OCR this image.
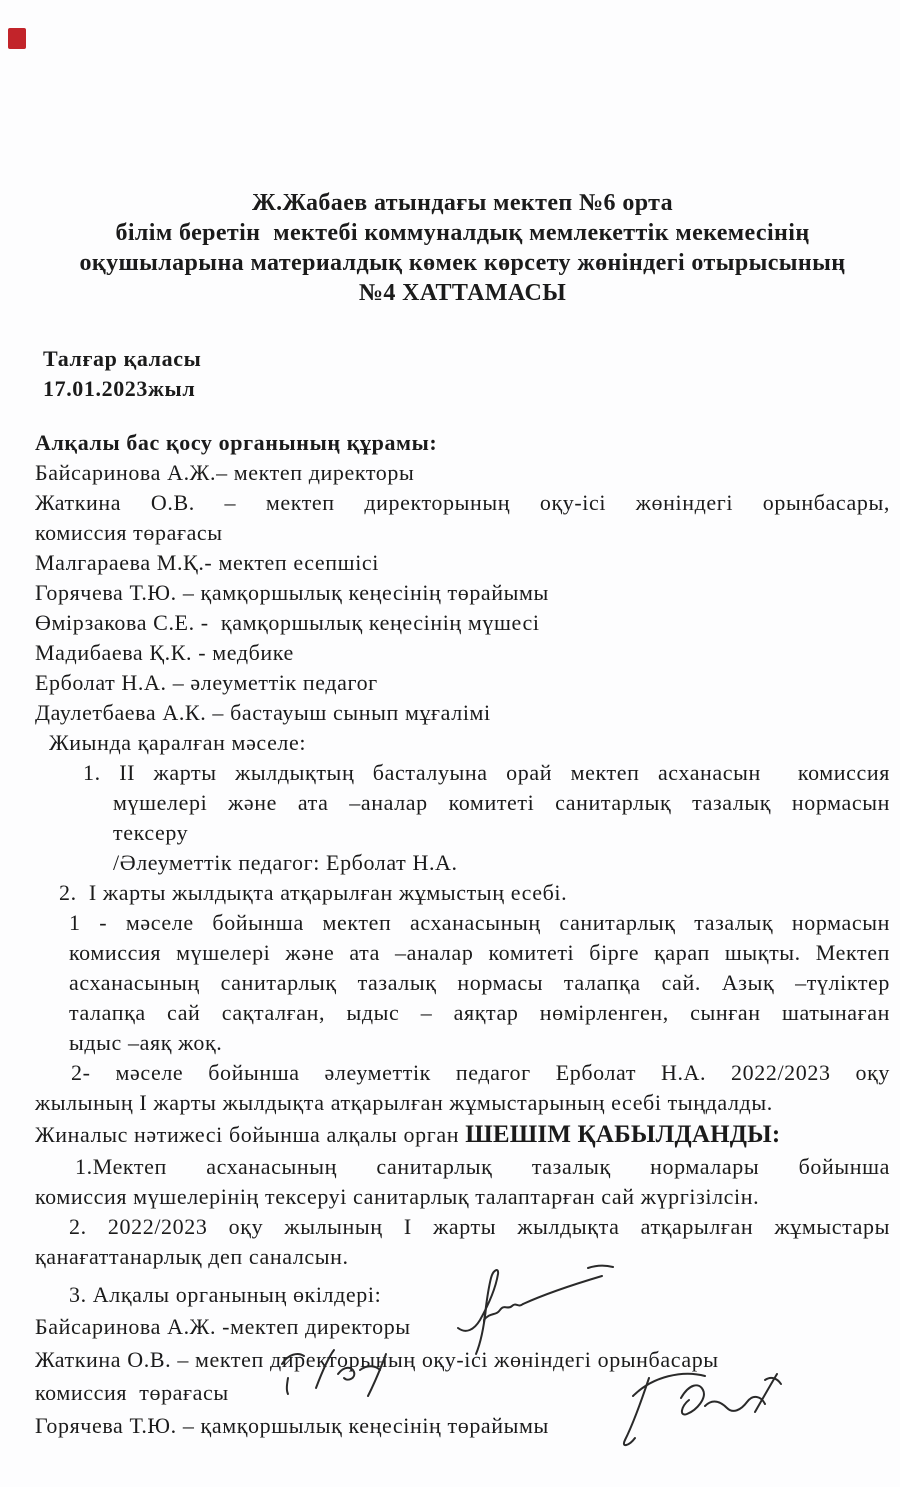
Ж.Жабаев атындағы мектеп №6 орта
білім беретін  мектебі коммуналдық мемлекеттік мекемесінің
оқушыларына материалдық көмек көрсету жөніндегі отырысының
№4 ХАТТАМАСЫ
Талғар қаласы
17.01.2023жыл
Алқалы бас қосу органының құрамы:
Байсаринова А.Ж.– мектеп директоры
Жаткина О.В. – мектеп директорының оқу-ісі жөніндегі орынбасары,
комиссия төрағасы
Малгараева М.Қ.- мектеп есепшісі
Горячева Т.Ю. – қамқоршылық кеңесінің төрайымы
Өмірзакова С.Е. -  қамқоршылық кеңесінің мүшесі
Мадибаева Қ.К. - медбике
Ерболат Н.А. – әлеуметтік педагог
Даулетбаева А.К. – бастауыш сынып мұғалімі
Жиында қаралған мәселе:
1. ІІ жарты жылдықтың басталуына орай мектеп асханасын  комиссия
мүшелері және ата –аналар комитеті санитарлық тазалық нормасын
тексеру
/Әлеуметтік педагог: Ерболат Н.А.
2.  І жарты жылдықта атқарылған жұмыстың есебі.
1 - мәселе бойынша мектеп асханасының санитарлық тазалық нормасын
комиссия мүшелері және ата –аналар комитеті бірге қарап шықты. Мектеп
асханасының санитарлық тазалық нормасы талапқа сай. Азық –түліктер
талапқа сай сақталған, ыдыс – аяқтар нөмірленген, сынған шатынаған
ыдыс –аяқ жоқ.
2- мәселе бойынша әлеуметтік педагог Ерболат Н.А. 2022/2023 оқу
жылының І жарты жылдықта атқарылған жұмыстарының есебі тыңдалды.
Жиналыс нәтижесі бойынша алқалы орган ШЕШІМ ҚАБЫЛДАНДЫ:
1.Мектеп асханасының санитарлық тазалық нормалары бойынша
комиссия мүшелерінің тексеруі санитарлық талаптарған сай жүргізілсін.
2. 2022/2023 оқу жылының І жарты жылдықта атқарылған жұмыстары
қанағаттанарлық деп саналсын.
3. Алқалы органының өкілдері:
Байсаринова А.Ж. -мектеп директоры
Жаткина О.В. – мектеп директорының оқу-ісі жөніндегі орынбасары
комиссия  төрағасы
Горячева Т.Ю. – қамқоршылық кеңесінің төрайымы
